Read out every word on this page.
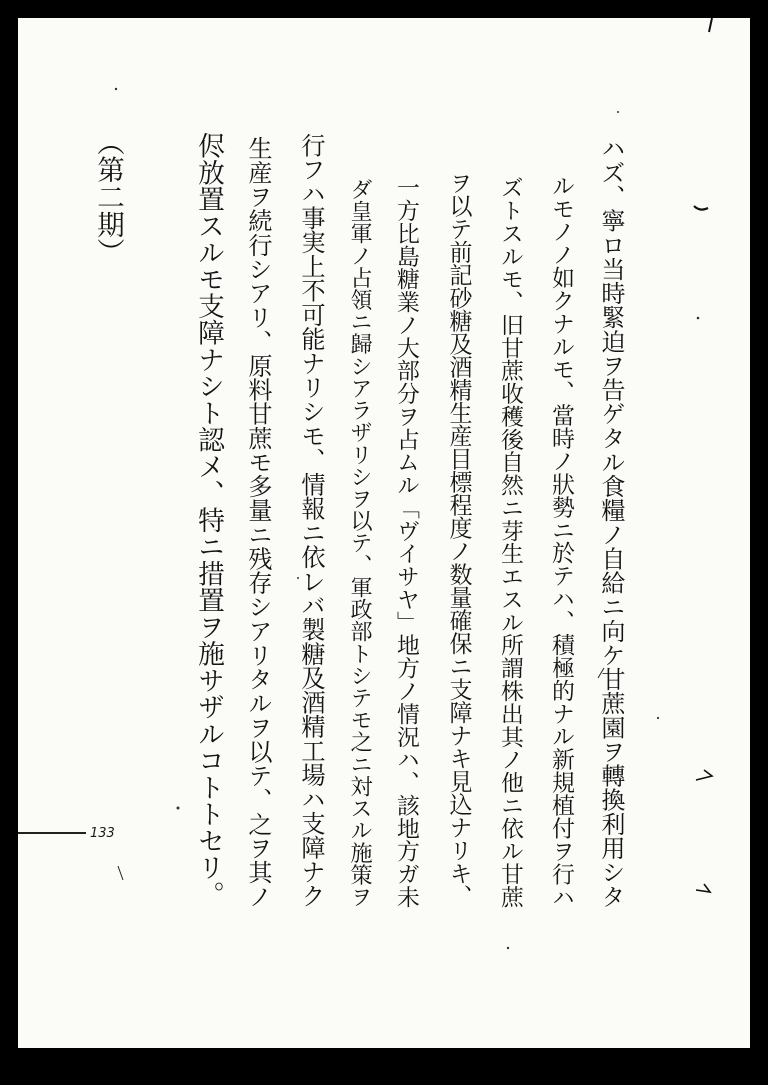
ハズ、寧ロ当時緊迫ヲ告ゲタル食糧ノ自給ニ向ケ甘蔗園ヲ轉換利用シタ
ルモノノ如クナルモ、當時ノ狀勢ニ於テハ、積極的ナル新規植付ヲ行ハ
ズトスルモ、旧甘蔗收穫後自然ニ芽生エスル所謂株出其ノ他ニ依ル甘蔗
ヲ以テ前記砂糖及酒精生産目標程度ノ数量確保ニ支障ナキ見込ナリキ、
一方比島糖業ノ大部分ヲ占ムル「ヴイサヤ」地方ノ情況ハ、該地方ガ未
ダ皇軍ノ占領ニ歸シアラザリシヲ以テ、軍政部トシテモ之ニ対スル施策ヲ
行フハ事実上不可能ナリシモ、情報ニ依レバ製糖及酒精工場ハ支障ナク
生産ヲ続行シアリ、原料甘蔗モ多量ニ残存シアリタルヲ以テ、之ヲ其ノ
侭放置スルモ支障ナシト認メ、特ニ措置ヲ施サザルコトトセリ。
（第二期）
133
